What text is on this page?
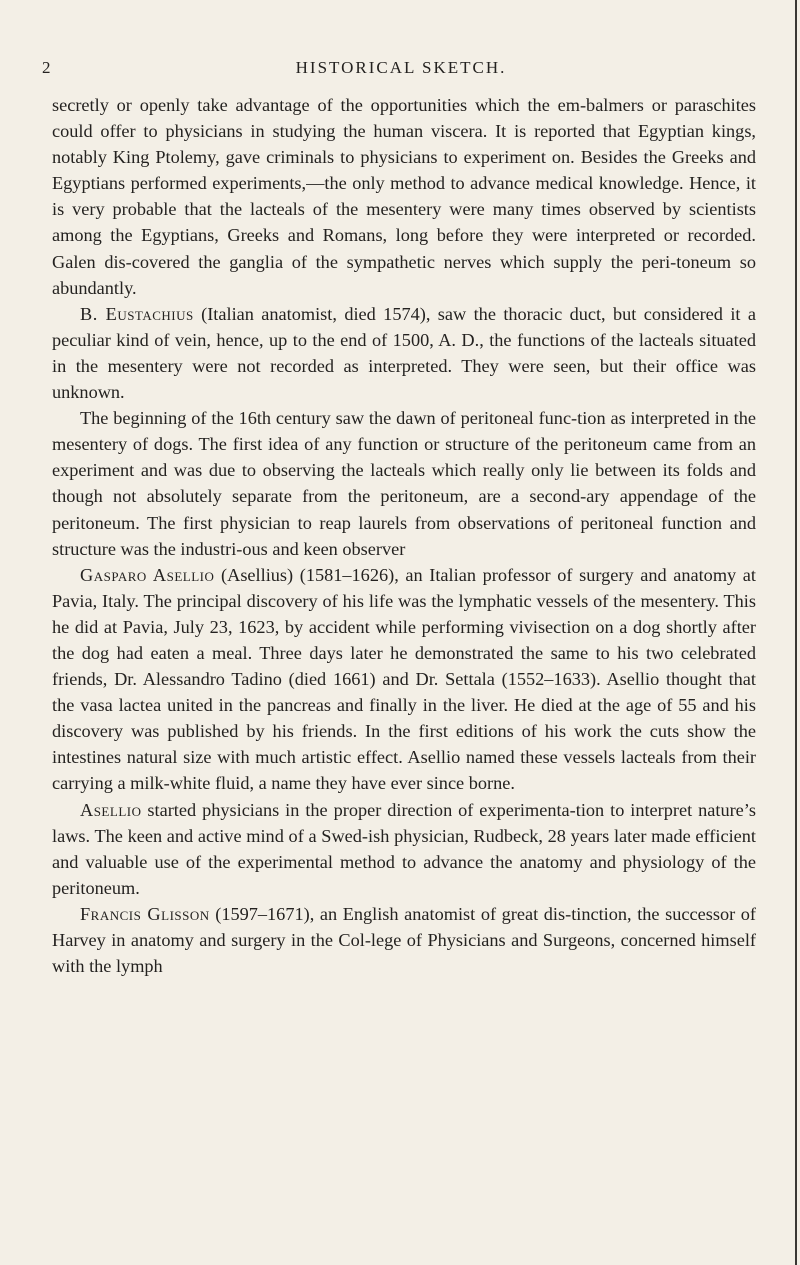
2	HISTORICAL SKETCH.

secretly or openly take advantage of the opportunities which the em-balmers or paraschites could offer to physicians in studying the human viscera. It is reported that Egyptian kings, notably King Ptolemy, gave criminals to physicians to experiment on. Besides the Greeks and Egyptians performed experiments,—the only method to advance medical knowledge. Hence, it is very probable that the lacteals of the mesentery were many times observed by scientists among the Egyptians, Greeks and Romans, long before they were interpreted or recorded. Galen dis-covered the ganglia of the sympathetic nerves which supply the peri-toneum so abundantly.

B. Eustachius (Italian anatomist, died 1574), saw the thoracic duct, but considered it a peculiar kind of vein, hence, up to the end of 1500, A. D., the functions of the lacteals situated in the mesentery were not recorded as interpreted. They were seen, but their office was unknown.

The beginning of the 16th century saw the dawn of peritoneal func-tion as interpreted in the mesentery of dogs. The first idea of any function or structure of the peritoneum came from an experiment and was due to observing the lacteals which really only lie between its folds and though not absolutely separate from the peritoneum, are a second-ary appendage of the peritoneum. The first physician to reap laurels from observations of peritoneal function and structure was the industri-ous and keen observer

Gasparo Asellio (Asellius) (1581–1626), an Italian professor of surgery and anatomy at Pavia, Italy. The principal discovery of his life was the lymphatic vessels of the mesentery. This he did at Pavia, July 23, 1623, by accident while performing vivisection on a dog shortly after the dog had eaten a meal. Three days later he demonstrated the same to his two celebrated friends, Dr. Alessandro Tadino (died 1661) and Dr. Settala (1552–1633). Asellio thought that the vasa lactea united in the pancreas and finally in the liver. He died at the age of 55 and his discovery was published by his friends. In the first editions of his work the cuts show the intestines natural size with much artistic effect. Asellio named these vessels lacteals from their carrying a milk-white fluid, a name they have ever since borne.

Asellio started physicians in the proper direction of experimenta-tion to interpret nature’s laws. The keen and active mind of a Swed-ish physician, Rudbeck, 28 years later made efficient and valuable use of the experimental method to advance the anatomy and physiology of the peritoneum.

Francis Glisson (1597–1671), an English anatomist of great dis-tinction, the successor of Harvey in anatomy and surgery in the Col-lege of Physicians and Surgeons, concerned himself with the lymph
